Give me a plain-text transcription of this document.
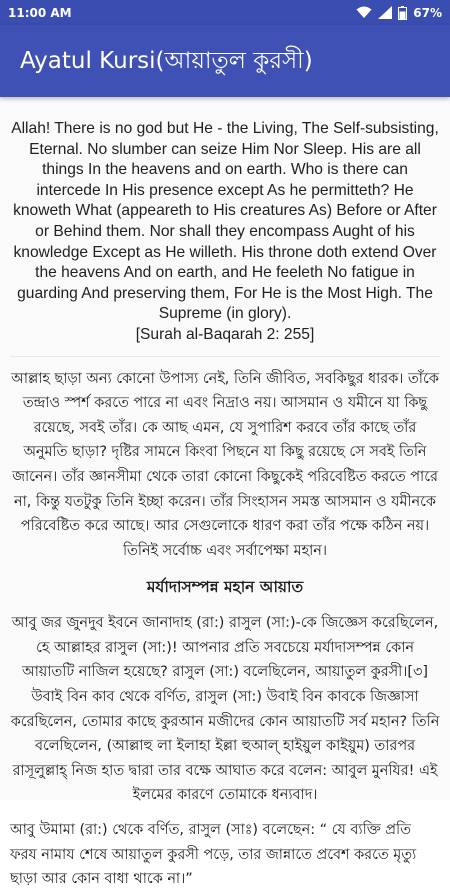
11:00 AM	67%
Ayatul Kursi(আয়াতুল কুরসী)

Allah! There is no god but He - the Living, The Self-subsisting, Eternal. No slumber can seize Him Nor Sleep. His are all things In the heavens and on earth. Who is there can intercede In His presence except As he permitteth? He knoweth What (appeareth to His creatures As) Before or After or Behind them. Nor shall they encompass Aught of his knowledge Except as He willeth. His throne doth extend Over the heavens And on earth, and He feeleth No fatigue in guarding And preserving them, For He is the Most High. The Supreme (in glory).
[Surah al-Baqarah 2: 255]

আল্লাহ ছাড়া অন্য কোনো উপাস্য নেই, তিনি জীবিত, সবকিছুর ধারক। তাঁকে তন্দ্রাও স্পর্শ করতে পারে না এবং নিদ্রাও নয়। আসমান ও যমীনে যা কিছু রয়েছে, সবই তাঁর। কে আছ এমন, যে সুপারিশ করবে তাঁর কাছে তাঁর অনুমতি ছাড়া? দৃষ্টির সামনে কিংবা পিছনে যা কিছু রয়েছে সে সবই তিনি জানেন। তাঁর জ্ঞানসীমা থেকে তারা কোনো কিছুকেই পরিবেষ্টিত করতে পারে না, কিন্তু যতটুকু তিনি ইচ্ছা করেন। তাঁর সিংহাসন সমস্ত আসমান ও যমীনকে পরিবেষ্টিত করে আছে। আর সেগুলোকে ধারণ করা তাঁর পক্ষে কঠিন নয়। তিনিই সর্বোচ্চ এবং সর্বাপেক্ষা মহান।

মর্যাদাসম্পন্ন মহান আয়াত

আবু জর জুনদুব ইবনে জানাদাহ (রা:) রাসুল (সা:)-কে জিজ্ঞেস করেছিলেন, হে আল্লাহর রাসুল (সা:)! আপনার প্রতি সবচেয়ে মর্যাদাসম্পন্ন কোন আয়াতটি নাজিল হয়েছে? রাসুল (সা:) বলেছিলেন, আয়াতুল কুরসী।[৩] উবাই বিন কাব থেকে বর্ণিত, রাসুল (সা:) উবাই বিন কাবকে জিজ্ঞাসা করেছিলেন, তোমার কাছে কুরআন মজীদের কোন আয়াতটি সর্ব মহান? তিনি বলেছিলেন, (আল্লাহু লা ইলাহা ইল্লা হুআল্ হাইয়ুল কাইয়ুম) তারপর রাসূলুল্লাহ্ নিজ হাত দ্বারা তার বক্ষে আঘাত করে বলেন: আবুল মুনযির! এই ইলমের কারণে তোমাকে ধন্যবাদ।

আবু উমামা (রা:) থেকে বর্ণিত, রাসুল (সাঃ) বলেছেন: “ যে ব্যক্তি প্রতি ফরয নামায শেষে আয়াতুল কুরসী পড়ে, তার জান্নাতে প্রবেশ করতে মৃত্যু ছাড়া আর কোন বাধা থাকে না।”
